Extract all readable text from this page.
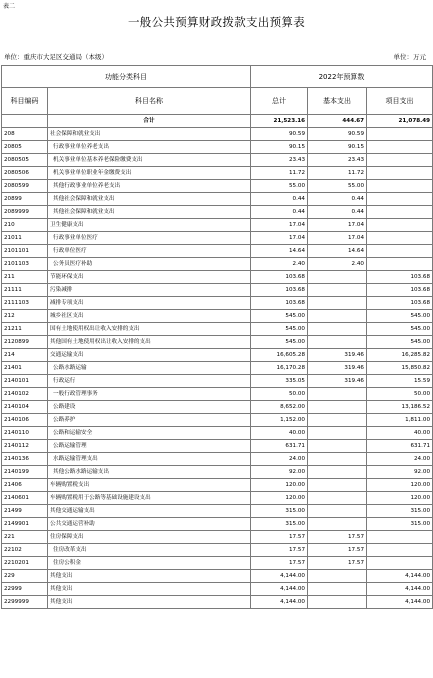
表二
一般公共预算财政拨款支出预算表
单位：重庆市大足区交通局（本级）	单位：万元
功能分类科目		2022年预算数		
科目编码	科目名称	总计	基本支出	项目支出
	合计	21,523.16	444.67	21,078.49
208	社会保障和就业支出	90.59	90.59	
20805	行政事业单位养老支出	90.15	90.15	
2080505	机关事业单位基本养老保险缴费支出	23.43	23.43	
2080506	机关事业单位职业年金缴费支出	11.72	11.72	
2080599	其他行政事业单位养老支出	55.00	55.00	
20899	其他社会保障和就业支出	0.44	0.44	
2089999	其他社会保障和就业支出	0.44	0.44	
210	卫生健康支出	17.04	17.04	
21011	行政事业单位医疗	17.04	17.04	
2101101	行政单位医疗	14.64	14.64	
2101103	公务员医疗补助	2.40	2.40	
211	节能环保支出	103.68		103.68
21111	污染减排	103.68		103.68
2111103	减排专项支出	103.68		103.68
212	城乡社区支出	545.00		545.00
21211	国有土地使用权出让收入安排的支出	545.00		545.00
2120899	其他国有土地使用权出让收入安排的支出	545.00		545.00
214	交通运输支出	16,605.28	319.46	16,285.82
21401	公路水路运输	16,170.28	319.46	15,850.82
2140101	行政运行	335.05	319.46	15.59
2140102	一般行政管理事务	50.00		50.00
2140104	公路建设	8,652.00		13,186.52
2140106	公路养护	1,152.00		1,811.00
2140110	公路和运输安全	40.00		40.00
2140112	公路运输管理	631.71		631.71
2140136	水路运输管理支出	24.00		24.00
2140199	其他公路水路运输支出	92.00		92.00
21406	车辆购置税支出	120.00		120.00
2140601	车辆购置税用于公路等基础设施建设支出	120.00		120.00
21499	其他交通运输支出	315.00		315.00
2149901	公共交通运营补助	315.00		315.00
221	住房保障支出	17.57	17.57	
22102	住房改革支出	17.57	17.57	
2210201	住房公积金	17.57	17.57	
229	其他支出	4,144.00		4,144.00
22999	其他支出	4,144.00		4,144.00
2299999	其他支出	4,144.00		4,144.00
